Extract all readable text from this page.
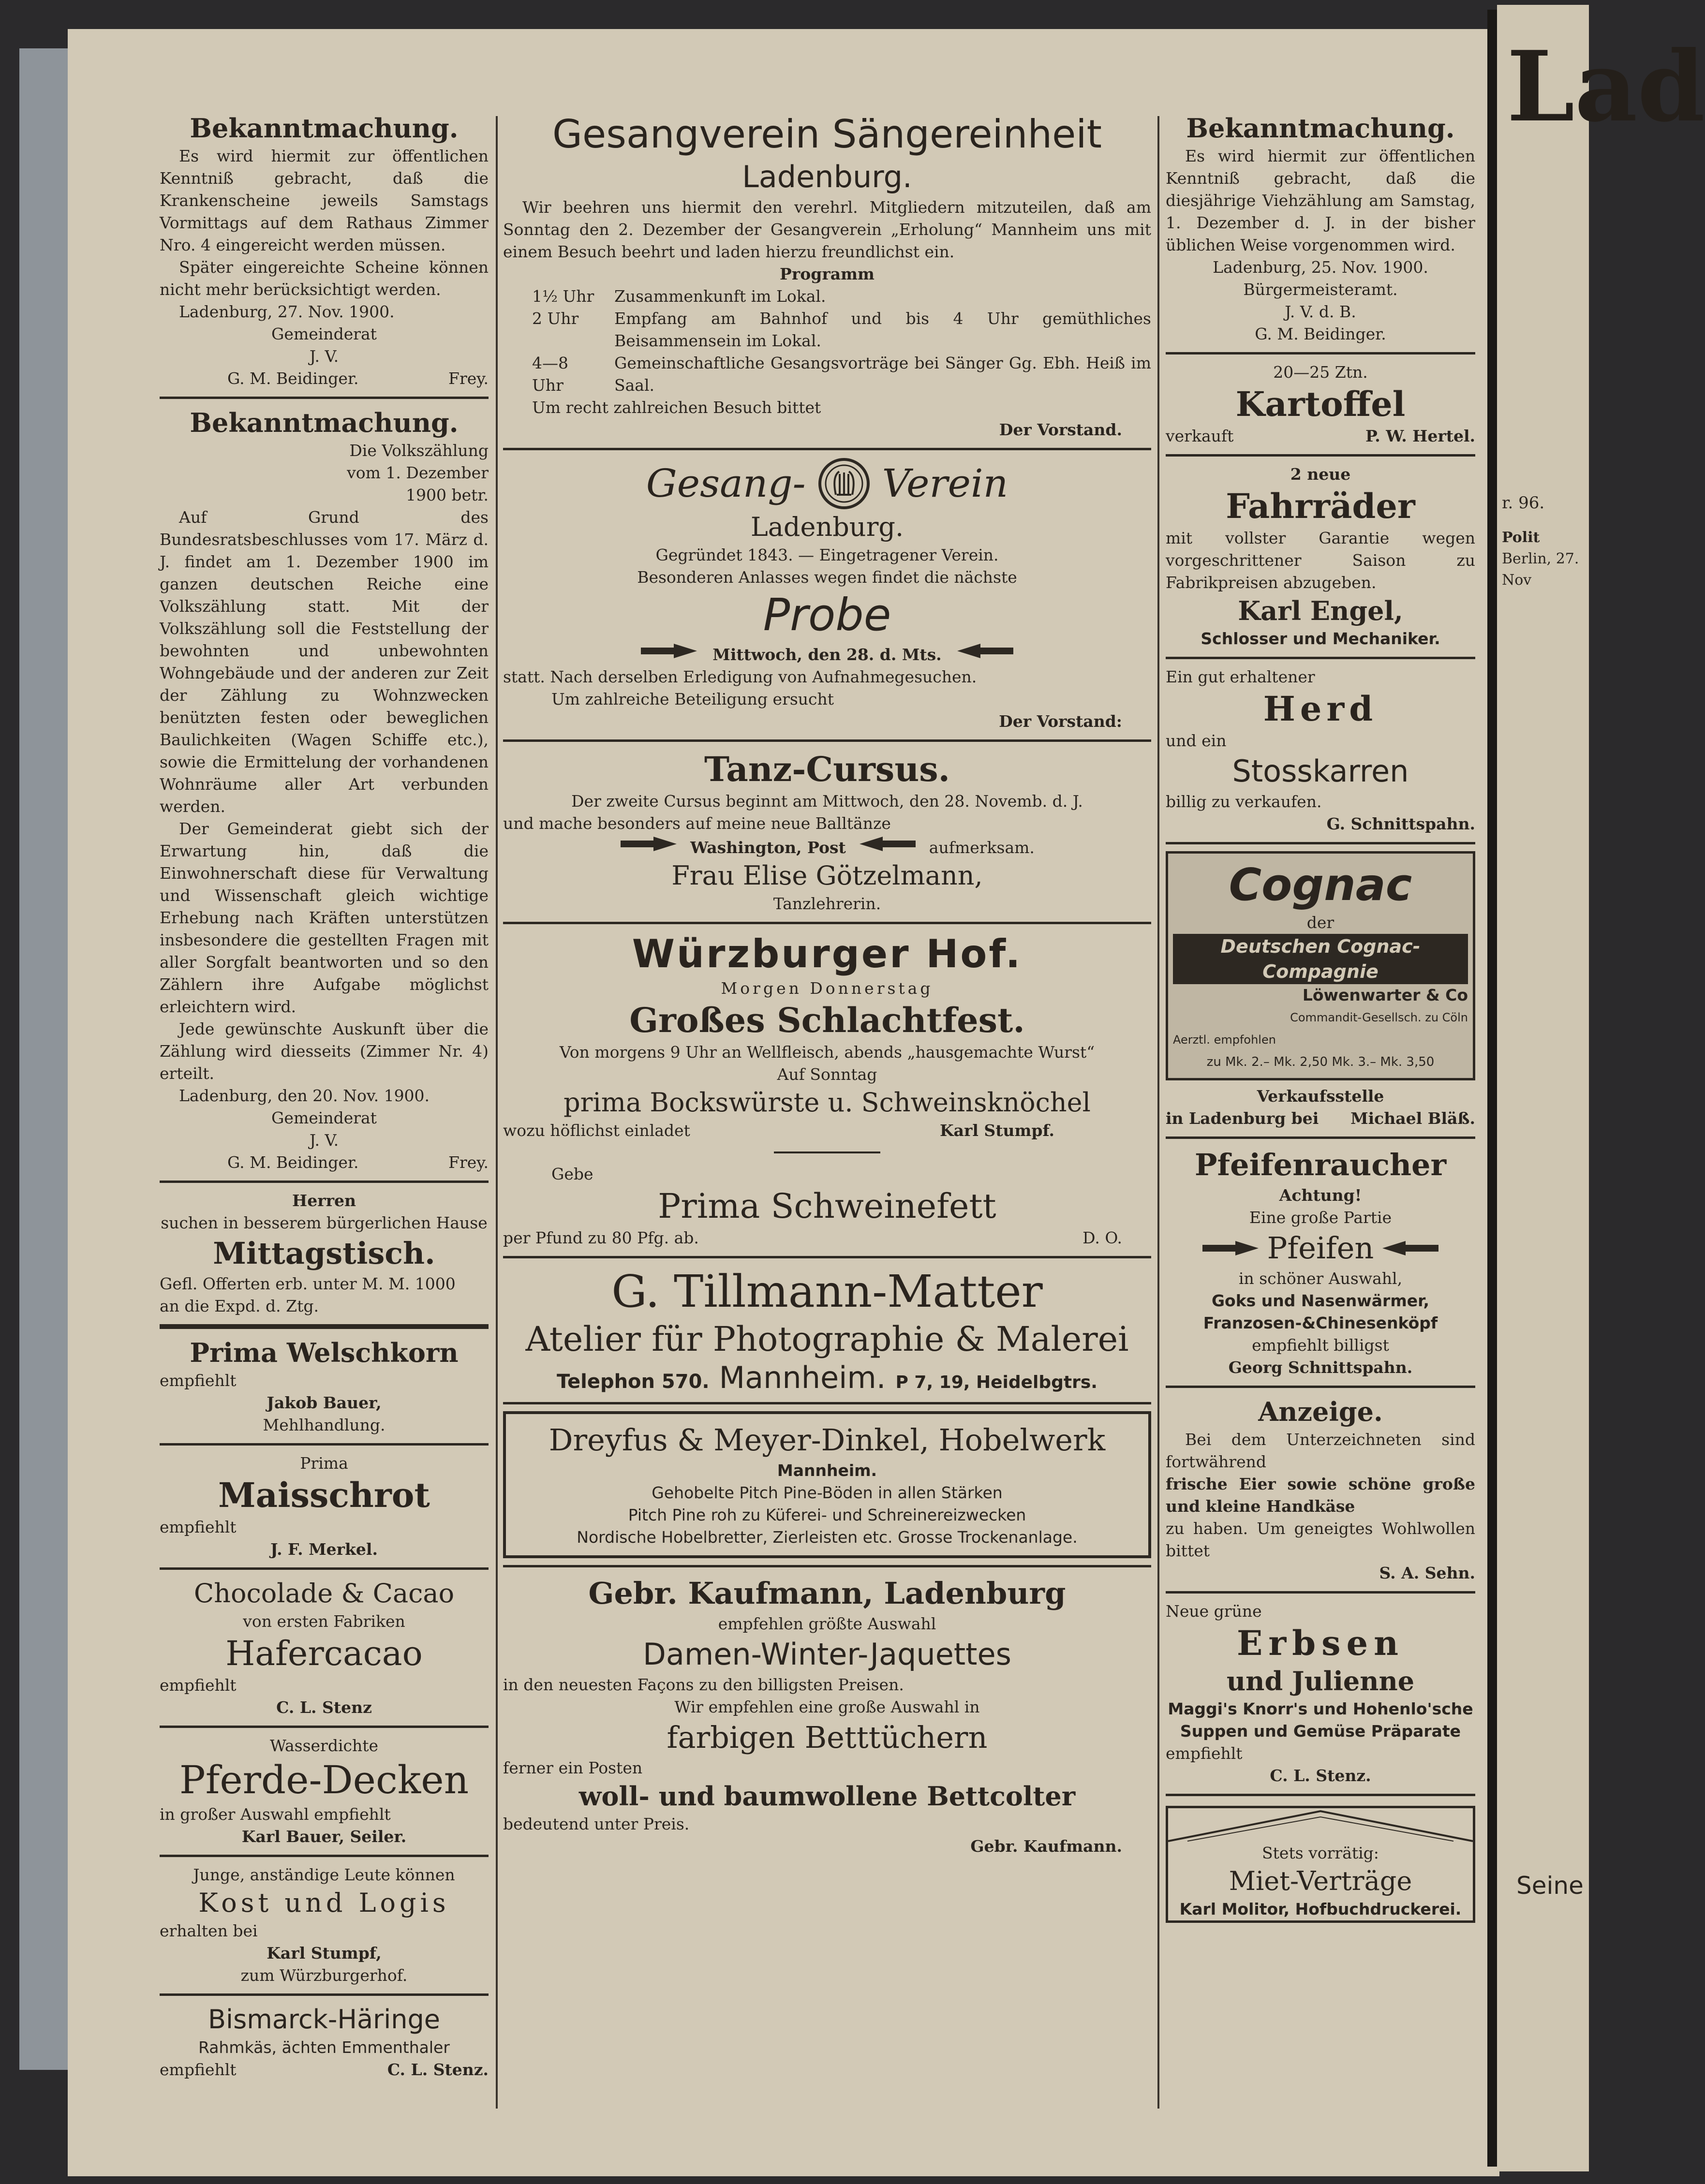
Lad
r. 96.
Polit
Berlin, 27. Nov
Seine

Bekanntmachung.

Es wird hiermit zur öffentlichen Kenntniß gebracht, daß die Krankenscheine jeweils Samstags Vormittags auf dem Rathaus Zimmer Nro. 4 eingereicht werden müssen.

Später eingereichte Scheine können nicht mehr berücksichtigt werden.

Ladenburg, 27. Nov. 1900.

Gemeinderat

J. V.

G. M. Beidinger.	Frey.

Bekanntmachung.

Die Volkszählung

vom 1. Dezember

1900 betr.

Auf Grund des Bundesratsbeschlusses vom 17. März d. J. findet am 1. Dezember 1900 im ganzen deutschen Reiche eine Volkszählung statt. Mit der Volkszählung soll die Feststellung der bewohnten und unbewohnten Wohngebäude und der anderen zur Zeit der Zählung zu Wohnzwecken benützten festen oder beweglichen Baulichkeiten (Wagen Schiffe etc.), sowie die Ermittelung der vorhandenen Wohnräume aller Art verbunden werden.

Der Gemeinderat giebt sich der Erwartung hin, daß die Einwohnerschaft diese für Verwaltung und Wissenschaft gleich wichtige Erhebung nach Kräften unterstützen insbesondere die gestellten Fragen mit aller Sorgfalt beantworten und so den Zählern ihre Aufgabe möglichst erleichtern wird.

Jede gewünschte Auskunft über die Zählung wird diesseits (Zimmer Nr. 4) erteilt.

Ladenburg, den 20. Nov. 1900.

Gemeinderat

J. V.

G. M. Beidinger.	Frey.

Herren

suchen in besserem bürgerlichen Hause

Mittagstisch.

Gefl. Offerten erb. unter M. M. 1000

an die Expd. d. Ztg.

Prima Welschkorn

empfiehlt

Jakob Bauer,

Mehlhandlung.

Prima

Maisschrot

empfiehlt

J. F. Merkel.

Chocolade & Cacao

von ersten Fabriken

Hafercacao

empfiehlt

C. L. Stenz

Wasserdichte

Pferde-Decken

in großer Auswahl empfiehlt

Karl Bauer, Seiler.

Junge, anständige Leute können

Kost und Logis

erhalten bei

Karl Stumpf,

zum Würzburgerhof.

Bismarck-Häringe

Rahmkäs, ächten Emmenthaler

empfiehlt	C. L. Stenz.

Gesangverein Sängereinheit

Ladenburg.

Wir beehren uns hiermit den verehrl. Mitgliedern mitzuteilen, daß am Sonntag den 2. Dezember der Gesangverein „Erholung“ Mannheim uns mit einem Besuch beehrt und laden hierzu freundlichst ein.

Programm

1½ Uhr	Zusammenkunft im Lokal.
2 Uhr	Empfang am Bahnhof und bis 4 Uhr gemüthliches Beisammensein im Lokal.
4—8 Uhr
Gemeinschaftliche Gesangsvorträge bei Sänger Gg. Ebh. Heiß im Saal.
Um recht zahlreichen Besuch bittet

Der Vorstand.

Gesang- Verein

Ladenburg.

Gegründet 1843. — Eingetragener Verein.

Besonderen Anlasses wegen findet die nächste

Probe

Mittwoch, den 28. d. Mts.

statt. Nach derselben Erledigung von Aufnahmegesuchen.

Um zahlreiche Beteiligung ersucht

Der Vorstand:

Tanz-Cursus.

Der zweite Cursus beginnt am Mittwoch, den 28. Novemb. d. J.

und mache besonders auf meine neue Balltänze

Washington, Post	aufmerksam.

Frau Elise Götzelmann,

Tanzlehrerin.

Würzburger Hof.

Morgen Donnerstag

Großes Schlachtfest.

Von morgens 9 Uhr an Wellfleisch, abends „hausgemachte Wurst“

Auf Sonntag

prima Bockswürste u. Schweinsknöchel

wozu höflichst einladet	Karl Stumpf.

Gebe

Prima Schweinefett

per Pfund zu 80 Pfg. ab.	D. O.

G. Tillmann-Matter

Atelier für Photographie & Malerei

Telephon 570. Mannheim. P 7, 19, Heidelbgtrs.

Dreyfus & Meyer-Dinkel, Hobelwerk

Mannheim.

Gehobelte Pitch Pine-Böden in allen Stärken

Pitch Pine roh zu Küferei- und Schreinereizwecken

Nordische Hobelbretter, Zierleisten etc. Grosse Trockenanlage.

Gebr. Kaufmann, Ladenburg

empfehlen größte Auswahl

Damen-Winter-Jaquettes

in den neuesten Façons zu den billigsten Preisen.

Wir empfehlen eine große Auswahl in

farbigen Betttüchern

ferner ein Posten

woll- und baumwollene Bettcolter

bedeutend unter Preis.

Gebr. Kaufmann.

Bekanntmachung.

Es wird hiermit zur öffentlichen Kenntniß gebracht, daß die diesjährige Viehzählung am Samstag, 1. Dezember d. J. in der bisher üblichen Weise vorgenommen wird.

Ladenburg, 25. Nov. 1900.

Bürgermeisteramt.

J. V. d. B.

G. M. Beidinger.

20—25 Ztn.

Kartoffel

verkauft	P. W. Hertel.

2 neue

Fahrräder

mit vollster Garantie wegen vorgeschrittener Saison zu Fabrikpreisen abzugeben.

Karl Engel,

Schlosser und Mechaniker.

Ein gut erhaltener

Herd

und ein

Stosskarren

billig zu verkaufen.

G. Schnittspahn.

Cognac

der

Deutschen Cognac-Compagnie

Löwenwarter & Co

Commandit-Gesellsch. zu Cöln

Aerztl. empfohlen

zu Mk. 2.– Mk. 2,50 Mk. 3.– Mk. 3,50

Verkaufsstelle

in Ladenburg bei Michael Bläß.

Pfeifenraucher

Achtung!

Eine große Partie

Pfeifen

in schöner Auswahl,

Goks und Nasenwärmer,

Franzosen-&Chinesenköpf

empfiehlt billigst

Georg Schnittspahn.

Anzeige.

Bei dem Unterzeichneten sind fortwährend

frische Eier sowie schöne große und kleine Handkäse

zu haben. Um geneigtes Wohlwollen bittet

S. A. Sehn.

Neue grüne

Erbsen

und Julienne

Maggi's Knorr's und Hohenlo'sche

Suppen und Gemüse Präparate

empfiehlt

C. L. Stenz.

Stets vorrätig:

Miet-Verträge

Karl Molitor, Hofbuchdruckerei.
